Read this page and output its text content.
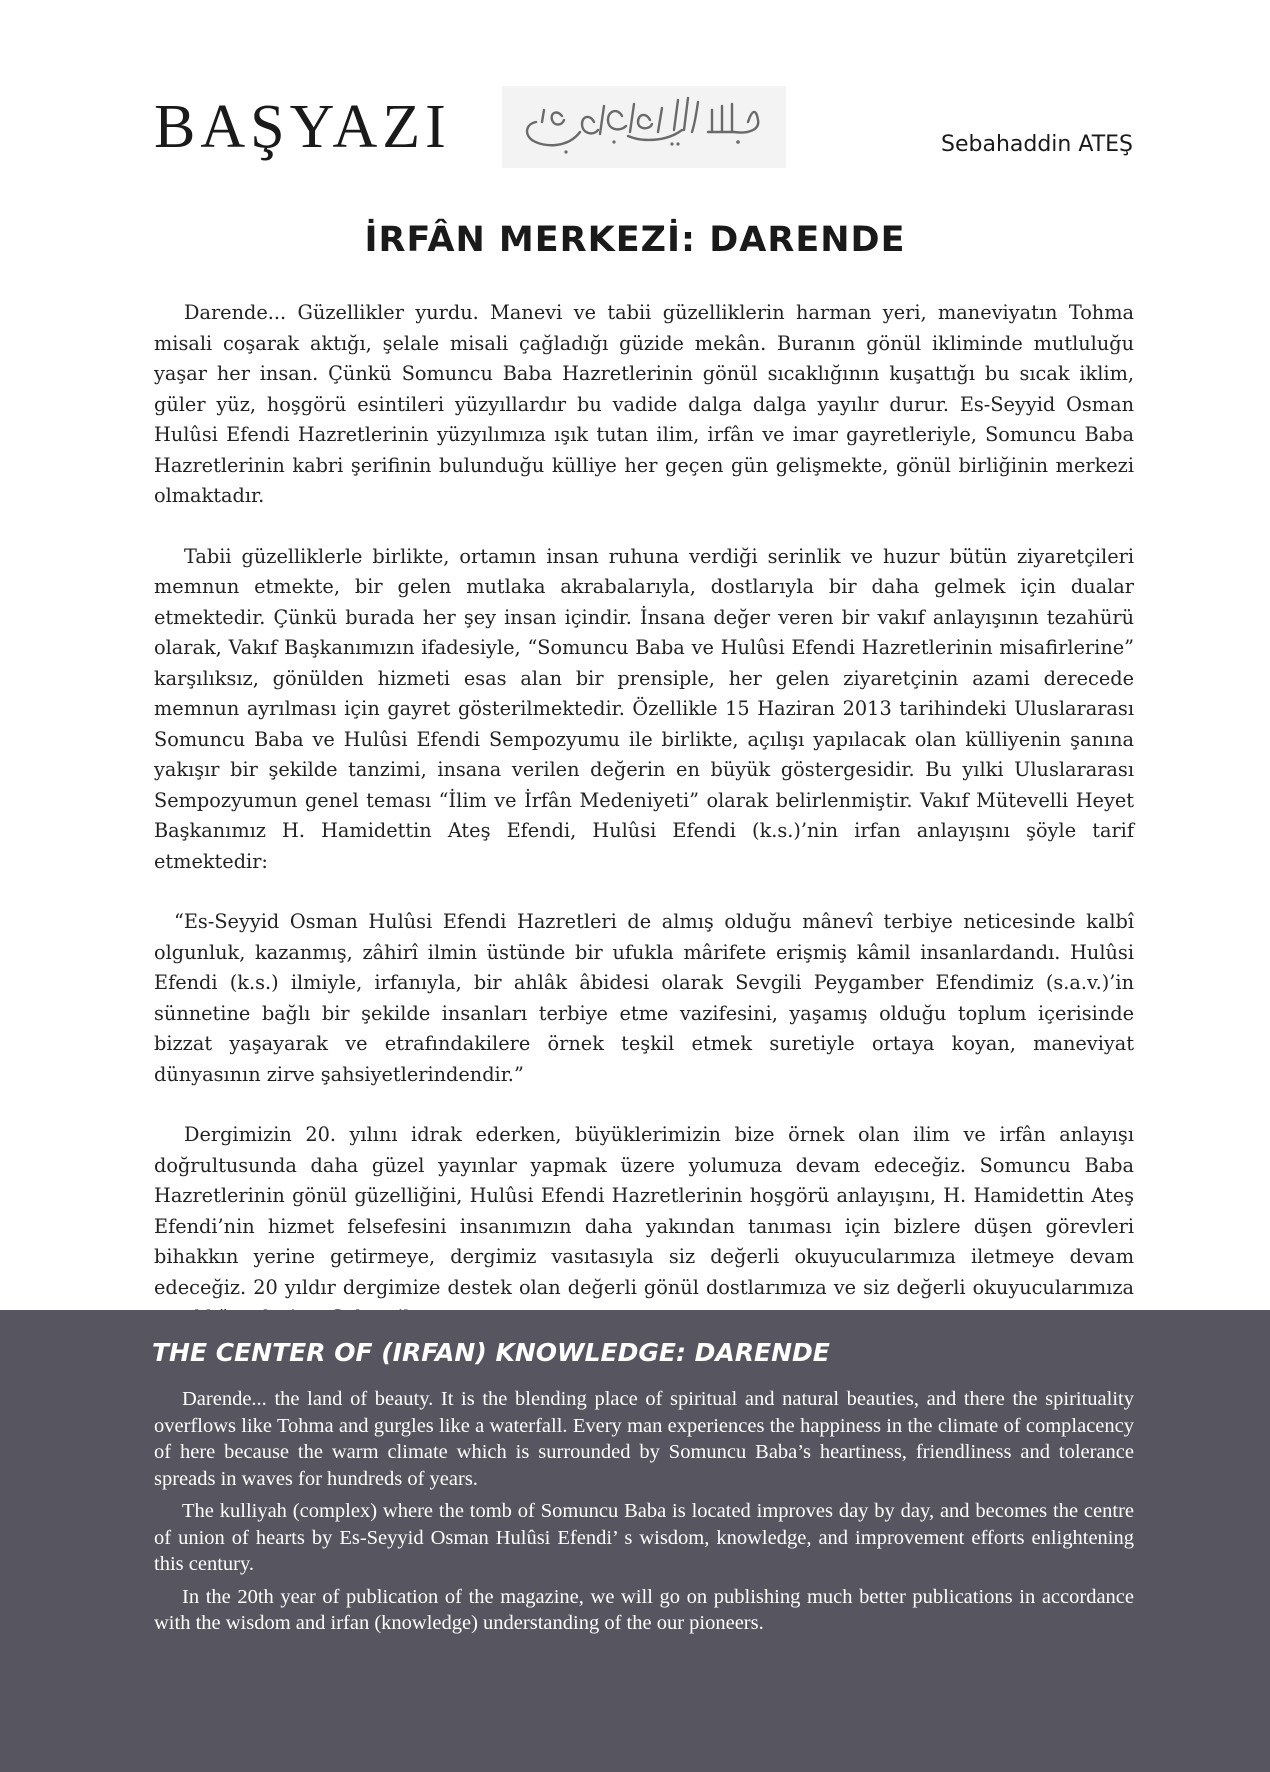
BAŞYAZI	Sebahaddin ATEŞ
İRFÂN MERKEZİ: DARENDE

Darende... Güzellikler yurdu. Manevi ve tabii güzelliklerin harman yeri, maneviyatın Tohma misali coşarak aktığı, şelale misali çağladığı güzide mekân. Buranın gönül ikliminde mutluluğu yaşar her insan. Çünkü Somuncu Baba Hazretlerinin gönül sıcaklığının kuşattığı bu sıcak iklim, güler yüz, hoşgörü esintileri yüzyıllardır bu vadide dalga dalga yayılır durur. Es-Seyyid Osman Hulûsi Efendi Hazretlerinin yüzyılımıza ışık tutan ilim, irfân ve imar gayretleriyle, Somuncu Baba Hazretlerinin kabri şerifinin bulunduğu külliye her geçen gün gelişmekte, gönül birliğinin merkezi olmaktadır.

Tabii güzelliklerle birlikte, ortamın insan ruhuna verdiği serinlik ve huzur bütün ziyaretçileri memnun etmekte, bir gelen mutlaka akrabalarıyla, dostlarıyla bir daha gelmek için dualar etmektedir. Çünkü burada her şey insan içindir. İnsana değer veren bir vakıf anlayışının tezahürü olarak, Vakıf Başkanımızın ifadesiyle, “Somuncu Baba ve Hulûsi Efendi Hazretlerinin misafirlerine” karşılıksız, gönülden hizmeti esas alan bir prensiple, her gelen ziyaretçinin azami derecede memnun ayrılması için gayret gösterilmektedir. Özellikle 15 Haziran 2013 tarihindeki Uluslararası Somuncu Baba ve Hulûsi Efendi Sempozyumu ile birlikte, açılışı yapılacak olan külliyenin şanına yakışır bir şekilde tanzimi, insana verilen değerin en büyük göstergesidir. Bu yılki Uluslararası Sempozyumun genel teması “İlim ve İrfân Medeniyeti” olarak belirlenmiştir. Vakıf Mütevelli Heyet Başkanımız H. Hamidettin Ateş Efendi, Hulûsi Efendi (k.s.)’nin irfan anlayışını şöyle tarif etmektedir:

“Es-Seyyid Osman Hulûsi Efendi Hazretleri de almış olduğu mânevî terbiye neticesinde kalbî olgunluk, kazanmış, zâhirî ilmin üstünde bir ufukla mârifete erişmiş kâmil insanlardandı. Hulûsi Efendi (k.s.) ilmiyle, irfanıyla, bir ahlâk âbidesi olarak Sevgili Peygamber Efendimiz (s.a.v.)’in sünnetine bağlı bir şekilde insanları terbiye etme vazifesini, yaşamış olduğu toplum içerisinde bizzat yaşayarak ve etrafındakilere örnek teşkil etmek suretiyle ortaya koyan, maneviyat dünyasının zirve şahsiyetlerindendir.”

Dergimizin 20. yılını idrak ederken, büyüklerimizin bize örnek olan ilim ve irfân anlayışı doğrultusunda daha güzel yayınlar yapmak üzere yolumuza devam edeceğiz. Somuncu Baba Hazretlerinin gönül güzelliğini, Hulûsi Efendi Hazretlerinin hoşgörü anlayışını, H. Hamidettin Ateş Efendi’nin hizmet felsefesini insanımızın daha yakından tanıması için bizlere düşen görevleri bihakkın yerine getirmeye, dergimiz vasıtasıyla siz değerli okuyucularımıza iletmeye devam edeceğiz. 20 yıldır dergimize destek olan değerli gönül dostlarımıza ve siz değerli okuyucularımıza

THE CENTER OF (IRFAN) KNOWLEDGE: DARENDE

Darende... the land of beauty. It is the blending place of spiritual and natural beauties, and there the spirituality overflows like Tohma and gurgles like a waterfall. Every man experiences the happiness in the climate of complacency of here because the warm climate which is surrounded by Somuncu Baba’s heartiness, friendliness and tolerance spreads in waves for hundreds of years.

The kulliyah (complex) where the tomb of Somuncu Baba is located improves day by day, and becomes the centre of union of hearts by Es-Seyyid Osman Hulûsi Efendi’ s wisdom, knowledge, and improvement efforts enlightening this century.

In the 20th year of publication of the magazine, we will go on publishing much better publications in accordance with the wisdom and irfan (knowledge) understanding of the our pioneers.
